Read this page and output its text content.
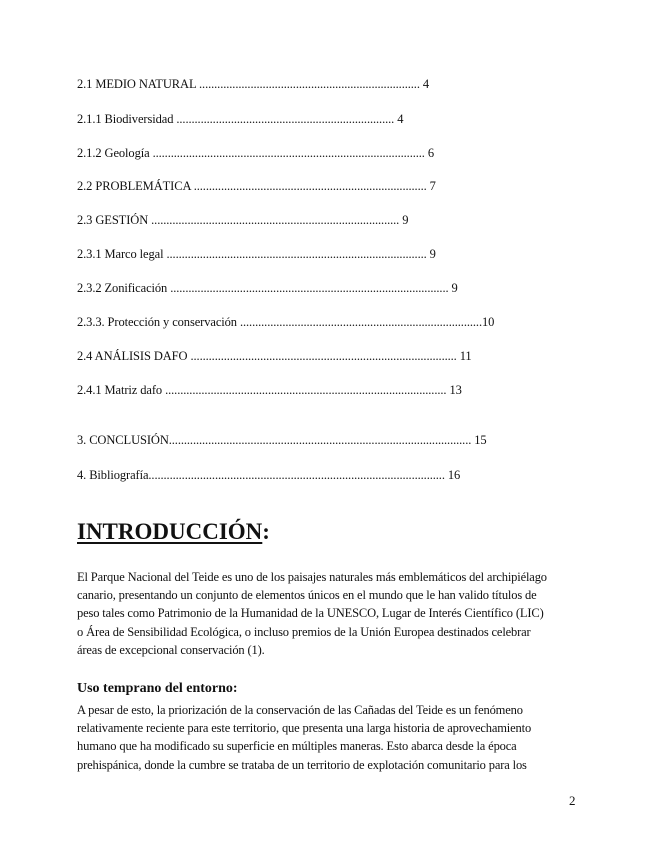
2.1 MEDIO NATURAL ......................................................................... 4
2.1.1 Biodiversidad ........................................................................ 4
2.1.2 Geología .......................................................................................... 6
2.2 PROBLEMÁTICA ............................................................................. 7
2.3 GESTIÓN .................................................................................. 9
2.3.1 Marco legal ...................................................................................... 9
2.3.2 Zonificación ............................................................................................ 9
2.3.3. Protección y conservación ................................................................................10
2.4 ANÁLISIS DAFO ........................................................................................ 11
2.4.1 Matriz dafo ............................................................................................. 13
3. CONCLUSIÓN.................................................................................................... 15
4. Bibliografía.................................................................................................. 16
INTRODUCCIÓN:

El Parque Nacional del Teide es uno de los paisajes naturales más emblemáticos del archipiélago
canario, presentando un conjunto de elementos únicos en el mundo que le han valido títulos de
peso tales como Patrimonio de la Humanidad de la UNESCO, Lugar de Interés Científico (LIC)
o Área de Sensibilidad Ecológica, o incluso premios de la Unión Europea destinados celebrar
áreas de excepcional conservación (1).

Uso temprano del entorno:

A pesar de esto, la priorización de la conservación de las Cañadas del Teide es un fenómeno
relativamente reciente para este territorio, que presenta una larga historia de aprovechamiento
humano que ha modificado su superficie en múltiples maneras. Esto abarca desde la época
prehispánica, donde la cumbre se trataba de un territorio de explotación comunitario para los

2
